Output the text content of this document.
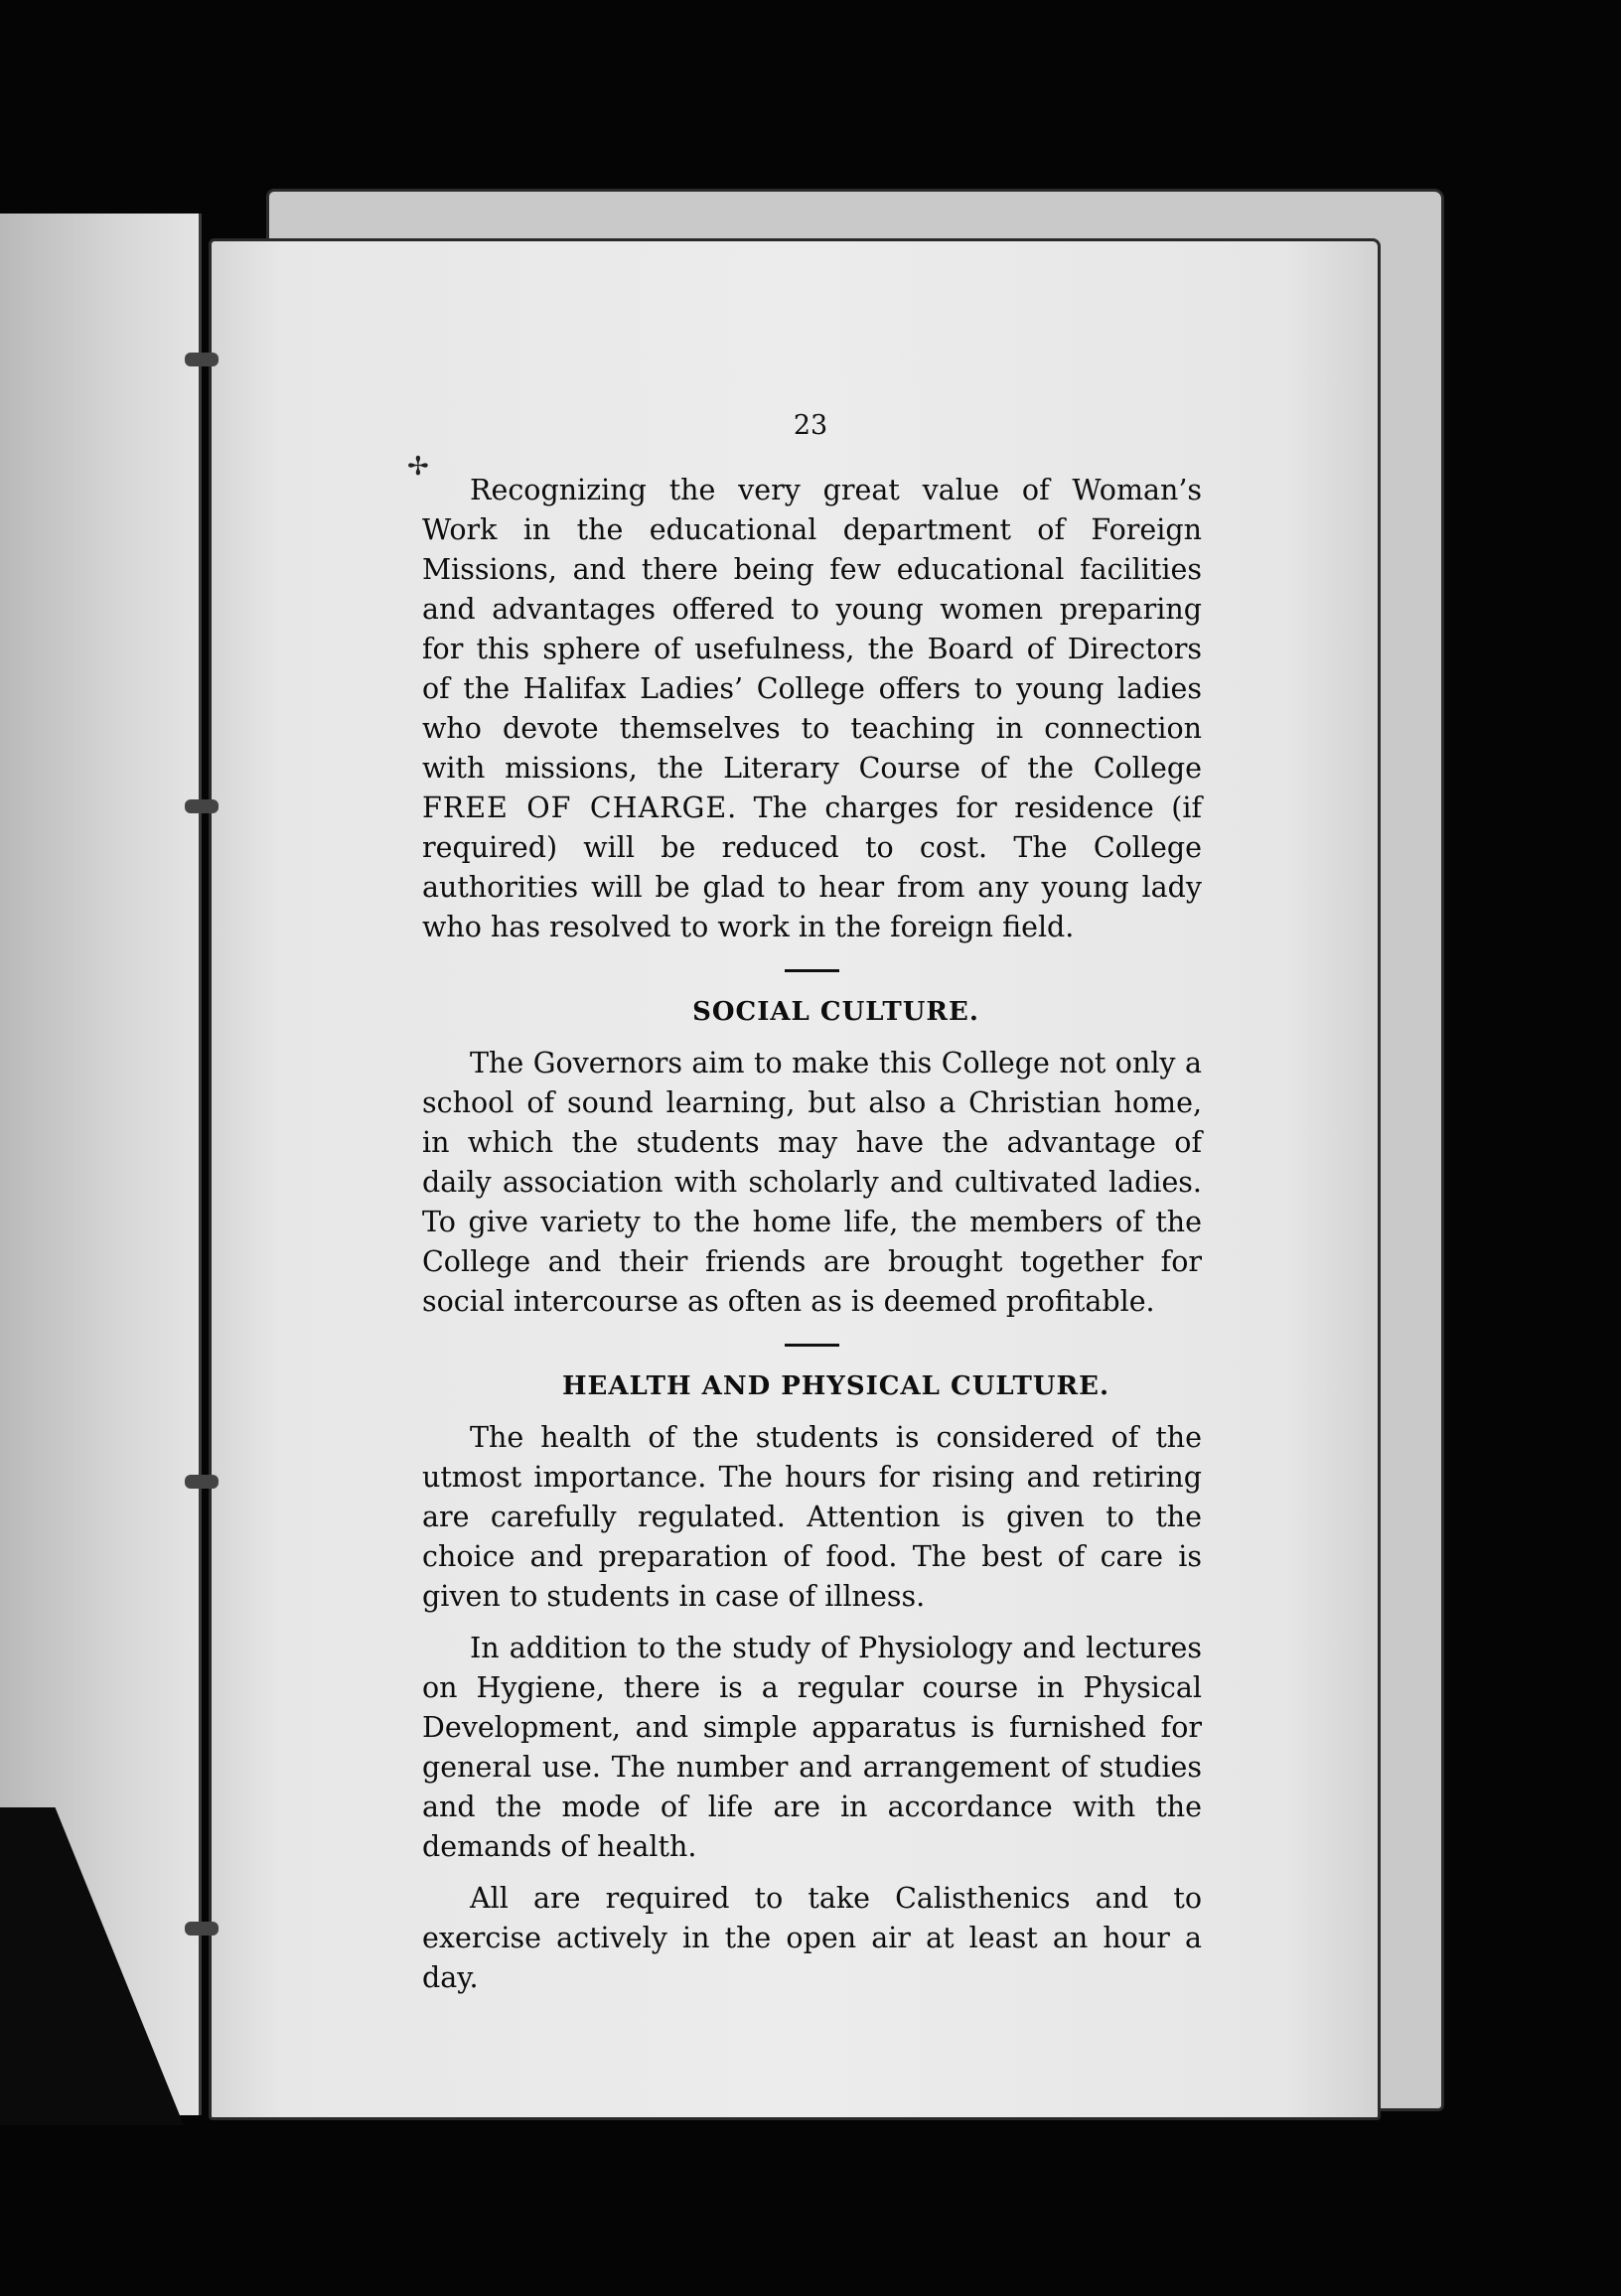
✢
23

Recognizing the very great value of Woman’s Work in the educational department of Foreign Missions, and there being few educational facilities and advantages offered to young women preparing for this sphere of usefulness, the Board of Directors of the Halifax Ladies’ College offers to young ladies who devote themselves to teaching in connection with missions, the Literary Course of the College FREE OF CHARGE. The charges for residence (if required) will be reduced to cost. The College authorities will be glad to hear from any young lady who has resolved to work in the foreign field.

SOCIAL CULTURE.

The Governors aim to make this College not only a school of sound learning, but also a Christian home, in which the students may have the advantage of daily association with scholarly and cultivated ladies. To give variety to the home life, the members of the College and their friends are brought together for social intercourse as often as is deemed profitable.

HEALTH AND PHYSICAL CULTURE.

The health of the students is considered of the utmost importance. The hours for rising and retiring are carefully regulated. Attention is given to the choice and preparation of food. The best of care is given to students in case of illness.

In addition to the study of Physiology and lectures on Hygiene, there is a regular course in Physical Development, and simple apparatus is furnished for general use. The number and arrangement of studies and the mode of life are in accordance with the demands of health.

All are required to take Calisthenics and to exercise actively in the open air at least an hour a day.
